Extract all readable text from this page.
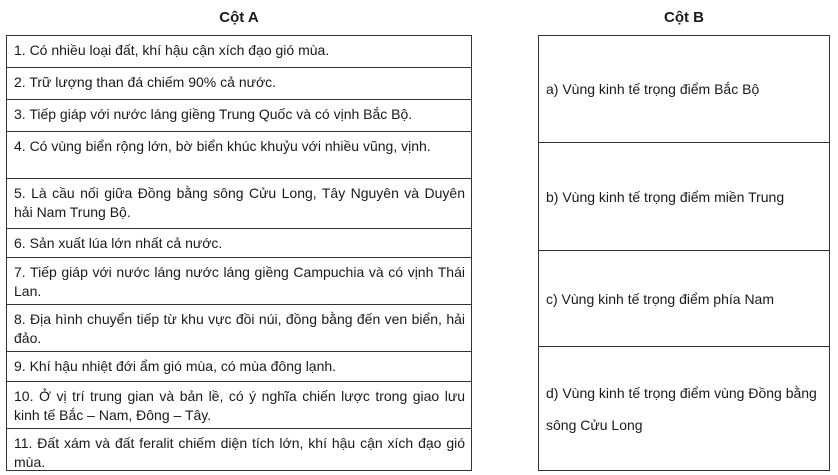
Cột A	Cột B
1. Có nhiều loại đất, khí hậu cận xích đạo gió mùa.
2. Trữ lượng than đá chiếm 90% cả nước.
3. Tiếp giáp với nước láng giềng Trung Quốc và có vịnh Bắc Bộ.
4. Có vùng biển rộng lớn, bờ biển khúc khuỷu với nhiều vũng, vịnh.
5. Là cầu nối giữa Đồng bằng sông Cửu Long, Tây Nguyên và Duyên hải Nam Trung Bộ.
6. Sản xuất lúa lớn nhất cả nước.
7. Tiếp giáp với nước láng nước láng giềng Campuchia và có vịnh Thái Lan.
8. Địa hình chuyển tiếp từ khu vực đồi núi, đồng bằng đến ven biển, hải đảo.
9. Khí hậu nhiệt đới ẩm gió mùa, có mùa đông lạnh.
10. Ở vị trí trung gian và bản lề, có ý nghĩa chiến lược trong giao lưu kinh tế Bắc – Nam, Đông – Tây.
11. Đất xám và đất feralit chiếm diện tích lớn, khí hậu cận xích đạo gió mùa.
a) Vùng kinh tế trọng điểm Bắc Bộ
b) Vùng kinh tế trọng điểm miền Trung
c) Vùng kinh tế trọng điểm phía Nam
d) Vùng kinh tế trọng điểm vùng Đồng bằng sông Cửu Long
